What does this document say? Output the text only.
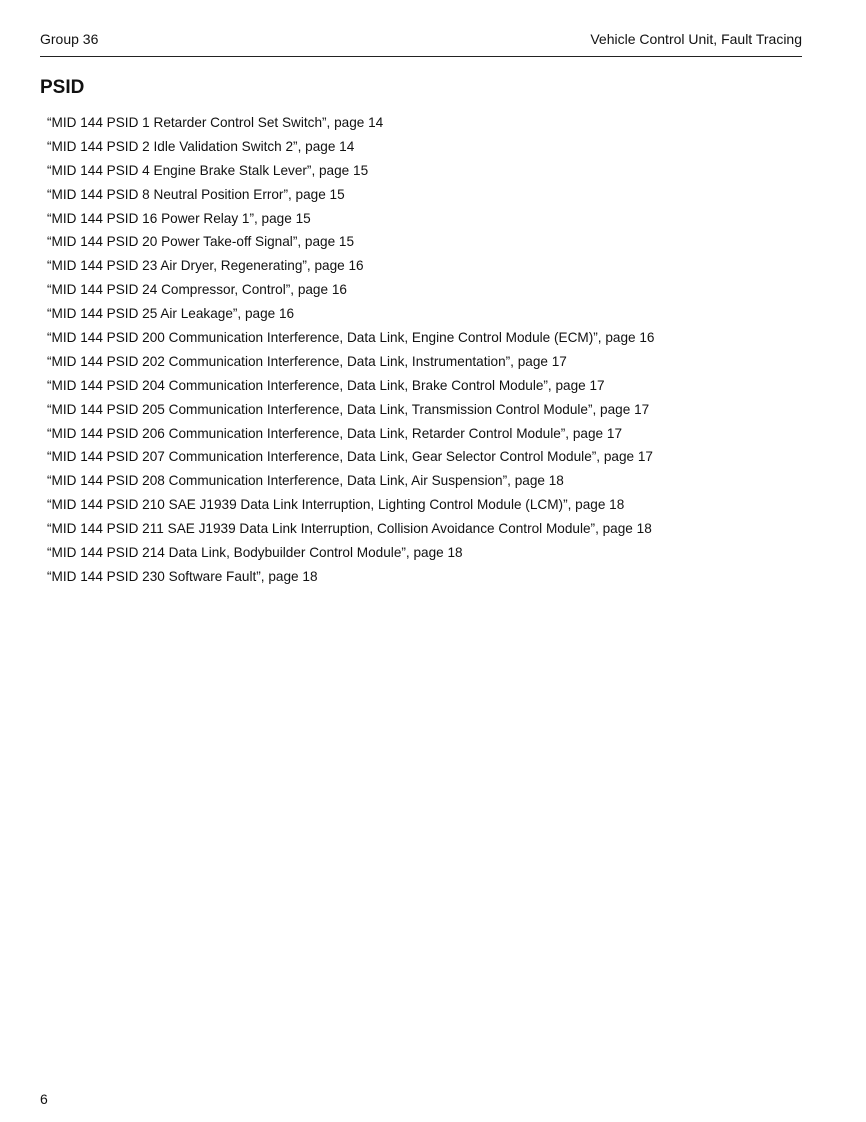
Group 36	Vehicle Control Unit, Fault Tracing
PSID
“MID 144 PSID 1 Retarder Control Set Switch”, page 14
“MID 144 PSID 2 Idle Validation Switch 2”, page 14
“MID 144 PSID 4 Engine Brake Stalk Lever”, page 15
“MID 144 PSID 8 Neutral Position Error”, page 15
“MID 144 PSID 16 Power Relay 1”, page 15
“MID 144 PSID 20 Power Take-off Signal”, page 15
“MID 144 PSID 23 Air Dryer, Regenerating”, page 16
“MID 144 PSID 24 Compressor, Control”, page 16
“MID 144 PSID 25 Air Leakage”, page 16
“MID 144 PSID 200 Communication Interference, Data Link, Engine Control Module (ECM)”, page 16
“MID 144 PSID 202 Communication Interference, Data Link, Instrumentation”, page 17
“MID 144 PSID 204 Communication Interference, Data Link, Brake Control Module”, page 17
“MID 144 PSID 205 Communication Interference, Data Link, Transmission Control Module”, page 17
“MID 144 PSID 206 Communication Interference, Data Link, Retarder Control Module”, page 17
“MID 144 PSID 207 Communication Interference, Data Link, Gear Selector Control Module”, page 17
“MID 144 PSID 208 Communication Interference, Data Link, Air Suspension”, page 18
“MID 144 PSID 210 SAE J1939 Data Link Interruption, Lighting Control Module (LCM)”, page 18
“MID 144 PSID 211 SAE J1939 Data Link Interruption, Collision Avoidance Control Module”, page 18
“MID 144 PSID 214 Data Link, Bodybuilder Control Module”, page 18
“MID 144 PSID 230 Software Fault”, page 18
6
